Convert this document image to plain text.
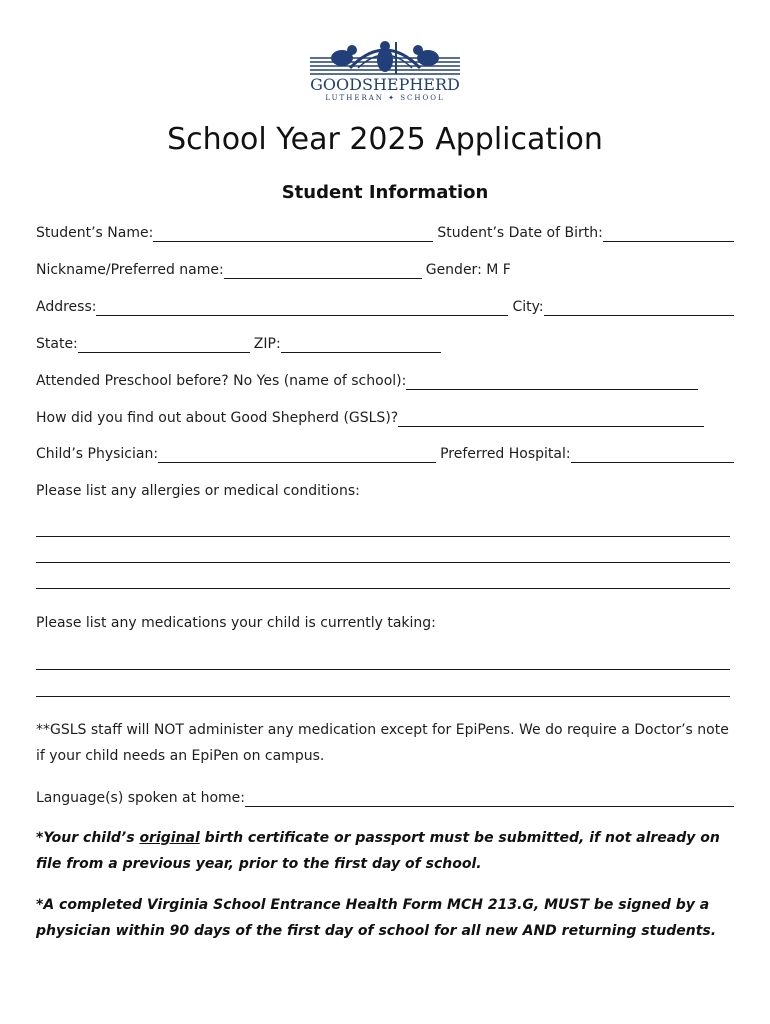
GOODSHEPHERD
LUTHERAN ✦ SCHOOL
School Year 2025 Application
Student Information
Student’s Name:	Student’s Date of Birth:
Nickname/Preferred name:	Gender: M F
Address:	City:
State:	ZIP:
Attended Preschool before? No Yes (name of school):
How did you find out about Good Shepherd (GSLS)?
Child’s Physician:	Preferred Hospital:
Please list any allergies or medical conditions:
Please list any medications your child is currently taking:
**GSLS staff will NOT administer any medication except for EpiPens. We do require a Doctor’s note if your child needs an EpiPen on campus.
Language(s) spoken at home:
*Your child’s original birth certificate or passport must be submitted, if not already on file from a previous year, prior to the first day of school.
*A completed Virginia School Entrance Health Form MCH 213.G, MUST be signed by a physician within 90 days of the first day of school for all new AND returning students.
